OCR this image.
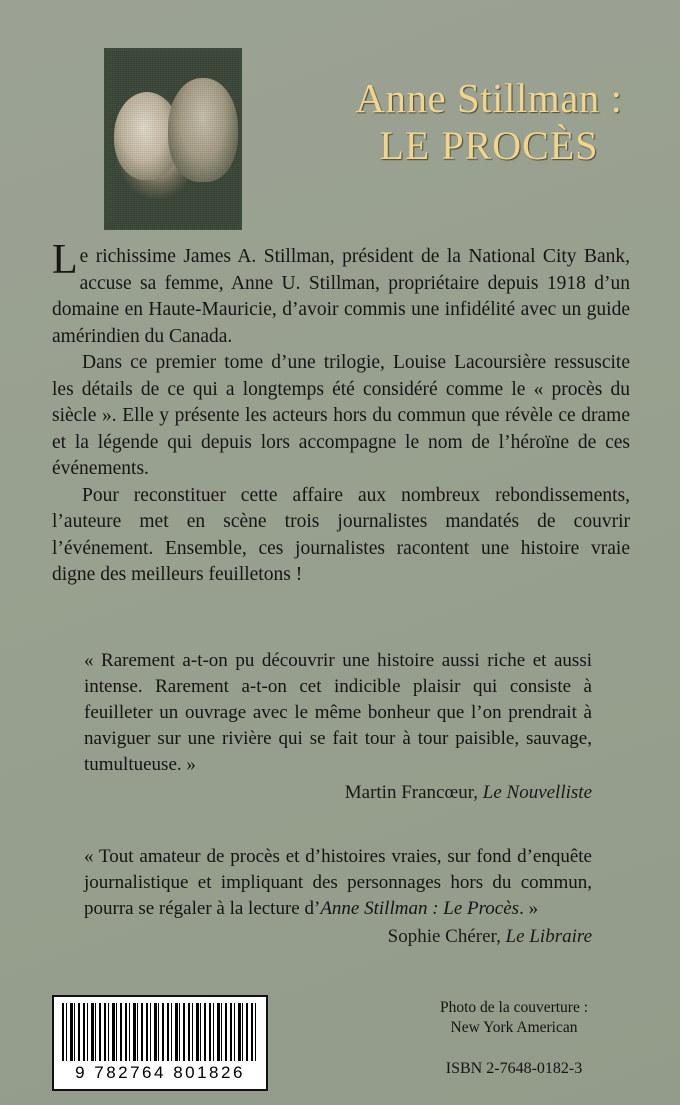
Anne Stillman :
LE PROCÈS

Le richissime James A. Stillman, président de la National City Bank, accuse sa femme, Anne U. Stillman, propriétaire depuis 1918 d’un domaine en Haute-Mauricie, d’avoir commis une infidélité avec un guide amérindien du Canada.

Dans ce premier tome d’une trilogie, Louise Lacoursière ressuscite les détails de ce qui a longtemps été considéré comme le « procès du siècle ». Elle y présente les acteurs hors du commun que révèle ce drame et la légende qui depuis lors accompagne le nom de l’héroïne de ces événements.

Pour reconstituer cette affaire aux nombreux rebondissements, l’auteure met en scène trois journalistes mandatés de couvrir l’événement. Ensemble, ces journalistes racontent une histoire vraie digne des meilleurs feuilletons !

« Rarement a-t-on pu découvrir une histoire aussi riche et aussi intense. Rarement a-t-on cet indicible plaisir qui consiste à feuilleter un ouvrage avec le même bonheur que l’on prendrait à naviguer sur une rivière qui se fait tour à tour paisible, sauvage, tumultueuse. »
Martin Francœur, Le Nouvelliste
« Tout amateur de procès et d’histoires vraies, sur fond d’enquête journalistique et impliquant des personnages hors du commun, pourra se régaler à la lecture d’Anne Stillman : Le Procès. »
Sophie Chérer, Le Libraire
9 782764 801826
Photo de la couverture :
New York American
ISBN 2-7648-0182-3
